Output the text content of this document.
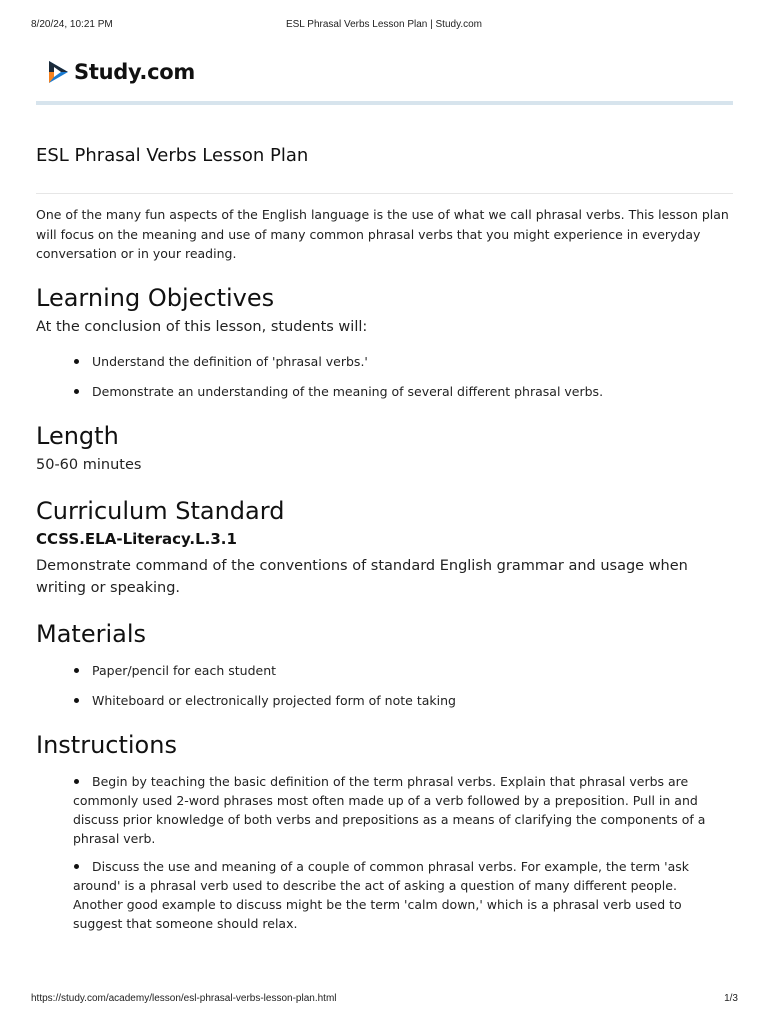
8/20/24, 10:21 PM	ESL Phrasal Verbs Lesson Plan | Study.com
Study.com
ESL Phrasal Verbs Lesson Plan

One of the many fun aspects of the English language is the use of what we call phrasal verbs. This lesson plan will focus on the meaning and use of many common phrasal verbs that you might experience in everyday conversation or in your reading.

Learning Objectives

At the conclusion of this lesson, students will:

Understand the definition of 'phrasal verbs.'
Demonstrate an understanding of the meaning of several different phrasal verbs.
Length

50-60 minutes

Curriculum Standard

CCSS.ELA-Literacy.L.3.1

Demonstrate command of the conventions of standard English grammar and usage when writing or speaking.

Materials
Paper/pencil for each student
Whiteboard or electronically projected form of note taking
Instructions
Begin by teaching the basic definition of the term phrasal verbs. Explain that phrasal verbs are commonly used 2-word phrases most often made up of a verb followed by a preposition. Pull in and discuss prior knowledge of both verbs and prepositions as a means of clarifying the components of a phrasal verb.
Discuss the use and meaning of a couple of common phrasal verbs. For example, the term 'ask around' is a phrasal verb used to describe the act of asking a question of many different people. Another good example to discuss might be the term 'calm down,' which is a phrasal verb used to suggest that someone should relax.
https://study.com/academy/lesson/esl-phrasal-verbs-lesson-plan.html	1/3
